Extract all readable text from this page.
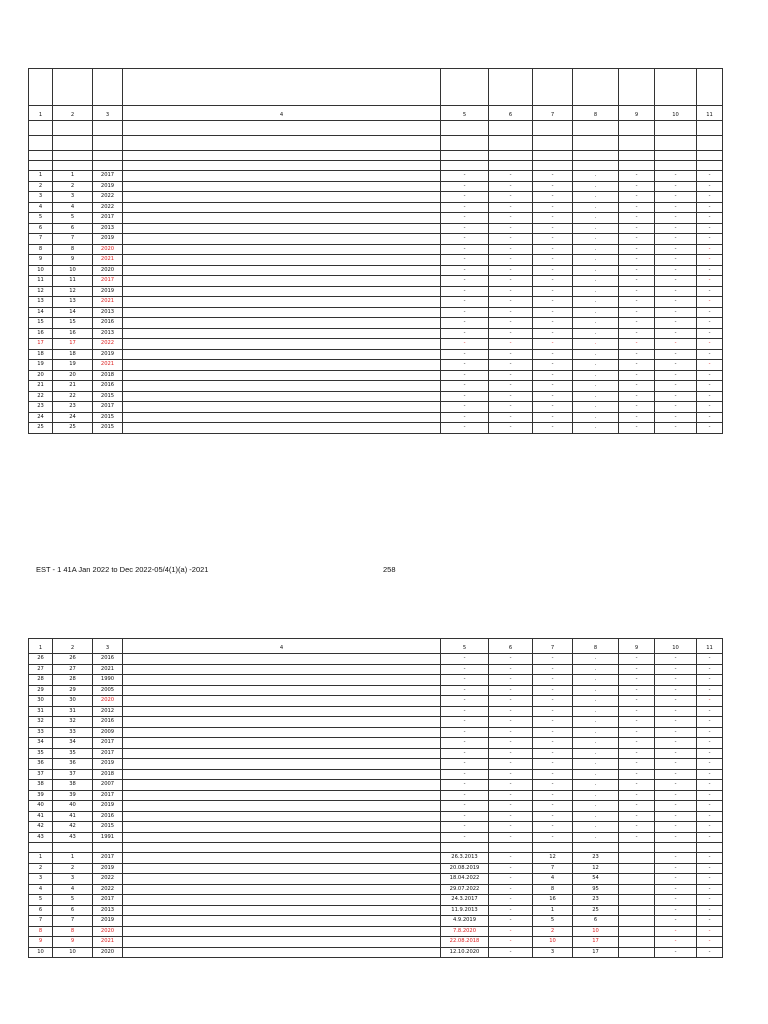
1	2	3	4	5	6	7	8	9	10	11

1	1	2017		-	-	-	.	-	-	-
2	2	2019		-	-	-	.	-	-	-
3	3	2022		-	-	-	.	-	-	-
4	4	2022		-	-	-	.	-	-	-
5	5	2017		-	-	-	.	-	-	-
6	6	2013		-	-	-	.	-	-	-
7	7	2019		-	-	-	.	-	-	-
8	8	2020		-	-	-	.	-	-	-
9	9	2021		-	-	-	.	-	-	-
10	10	2020		-	-	-	.	-	-	-
11	11	2017		-	-	-	.	-	-	-
12	12	2019		-	-	-	.	-	-	-
13	13	2021		-	-	-	.	-	-	-
14	14	2013		-	-	-	.	-	-	-
15	15	2016		-	-	-	.	-	-	-
16	16	2013		-	-	-	.	-	-	-
17	17	2022		-	-	-	.	-	-	-
18	18	2019		-	-	-	.	-	-	-
19	19	2021		-	-	-	.	-	-	-
20	20	2018		-	-	-	.	-	-	-
21	21	2016		-	-	-	.	-	-	-
22	22	2015		-	-	-	.	-	-	-
23	23	2017		-	-	-	.	-	-	-
24	24	2015		-	-	-	.	-	-	-
25	25	2015		-	-	-	.	-	-	-
EST - 1 41A Jan 2022 to Dec 2022-05/4(1)(a) -2021	258
1	2	3	4	5	6	7	8	9	10	11
26	26	2016		-	-	-	.	-	-	-
27	27	2021		-	-	-	.	-	-	-
28	28	1990		-	-	-	.	-	-	-
29	29	2005		-	-	-	.	-	-	-
30	30	2020		-	-	-	.	-	-	-
31	31	2012		-	-	-	.	-	-	-
32	32	2016		-	-	-	.	-	-	-
33	33	2009		-	-	-	.	-	-	-
34	34	2017		-	-	-	.	-	-	-
35	35	2017		-	-	-	.	-	-	-
36	36	2019		-	-	-	.	-	-	-
37	37	2018		-	-	-	.	-	-	-
38	38	2007		-	-	-	.	-	-	-
39	39	2017		-	-	-	.	-	-	-
40	40	2019		-	-	-	.	-	-	-
41	41	2016		-	-	-	.	-	-	-
42	42	2015		-	-	-	.	-	-	-
43	43	1991		-	-	-	.	-	-	-

1	1	2017		26.3.2013	-	12	23		-	-
2	2	2019		20.08.2019	-	7	12		-	-
3	3	2022		18.04.2022	-	4	54		-	-
4	4	2022		29.07.2022	-	8	95		-	-
5	5	2017		24.3.2017	-	16	23		-	-
6	6	2013		11.9.2013	-	1	25		-	-
7	7	2019		4.9.2019	-	5	6		-	-
8	8	2020		7.8.2020	-	2	10		-	-
9	9	2021		22.08.2018	-	10	17		-	-
10	10	2020		12.10.2020	-	3	17		-	-
